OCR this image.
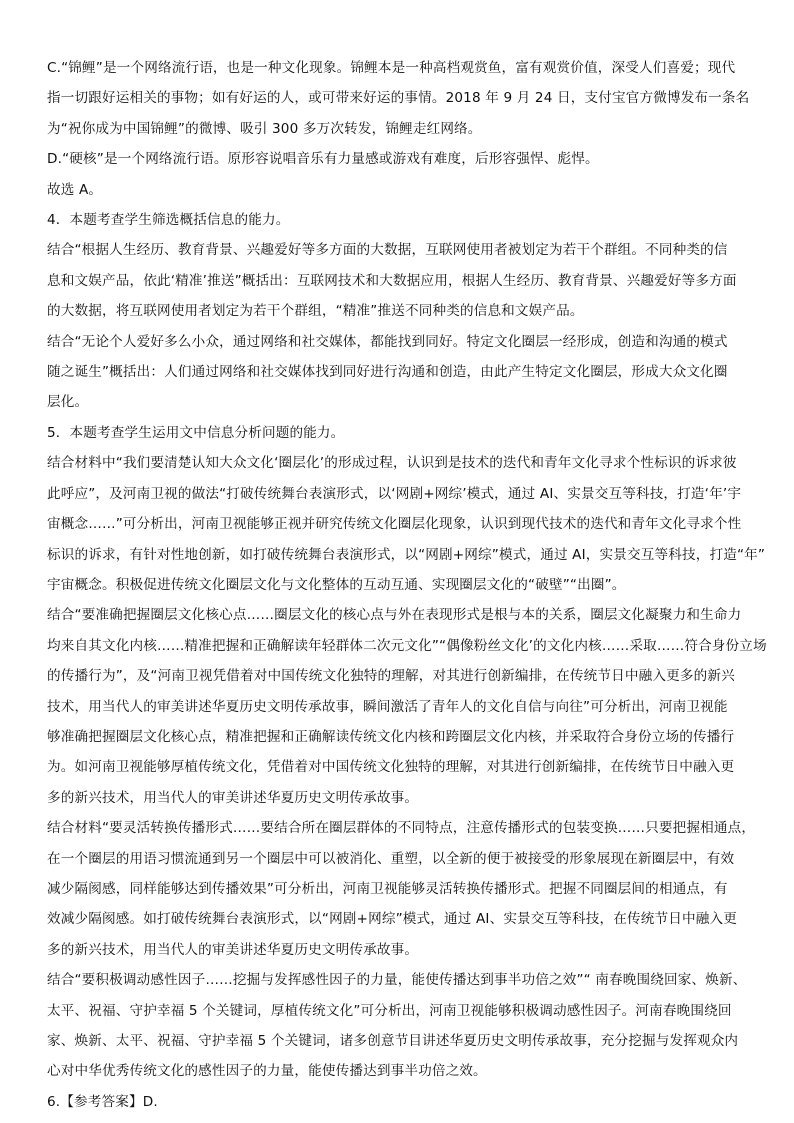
C.“锦鲤”是一个网络流行语，也是一种文化现象。锦鲤本是一种高档观赏鱼，富有观赏价值，深受人们喜爱；现代
指一切跟好运相关的事物；如有好运的人，或可带来好运的事情。2018 年 9 月 24 日，支付宝官方微博发布一条名
为“祝你成为中国锦鲤”的微博、吸引 300 多万次转发，锦鲤走红网络。

D.“硬核”是一个网络流行语。原形容说唱音乐有力量感或游戏有难度，后形容强悍、彪悍。

故选 A。

4．本题考查学生筛选概括信息的能力。

结合“根据人生经历、教育背景、兴趣爱好等多方面的大数据，互联网使用者被划定为若干个群组。不同种类的信
息和文娱产品，依此‘精准’推送”概括出：互联网技术和大数据应用，根据人生经历、教育背景、兴趣爱好等多方面
的大数据，将互联网使用者划定为若干个群组，“精准”推送不同种类的信息和文娱产品。

结合“无论个人爱好多么小众，通过网络和社交媒体，都能找到同好。特定文化圈层一经形成，创造和沟通的模式
随之诞生”概括出：人们通过网络和社交媒体找到同好进行沟通和创造，由此产生特定文化圈层，形成大众文化圈
层化。

5．本题考查学生运用文中信息分析问题的能力。

结合材料中“我们要清楚认知大众文化‘圈层化’的形成过程，认识到是技术的迭代和青年文化寻求个性标识的诉求彼
此呼应”，及河南卫视的做法“打破传统舞台表演形式，以‘网剧+网综’模式，通过 AI、实景交互等科技，打造‘年’宇
宙概念……”可分析出，河南卫视能够正视并研究传统文化圈层化现象，认识到现代技术的迭代和青年文化寻求个性
标识的诉求，有针对性地创新，如打破传统舞台表演形式，以“网剧+网综”模式，通过 AI，实景交互等科技，打造“年”
宇宙概念。积极促进传统文化圈层文化与文化整体的互动互通、实现圈层文化的“破壁”“出圈”。

结合“要准确把握圈层文化核心点……圈层文化的核心点与外在表现形式是根与本的关系，圈层文化凝聚力和生命力
均来自其文化内核……精准把握和正确解读年轻群体二次元文化”“偶像粉丝文化’的文化内核……采取……符合身份立场
的传播行为”，及“河南卫视凭借着对中国传统文化独特的理解，对其进行创新编排，在传统节日中融入更多的新兴
技术，用当代人的审美讲述华夏历史文明传承故事，瞬间激活了青年人的文化自信与向往”可分析出，河南卫视能
够准确把握圈层文化核心点，精准把握和正确解读传统文化内核和跨圈层文化内核，并采取符合身份立场的传播行
为。如河南卫视能够厚植传统文化，凭借着对中国传统文化独特的理解，对其进行创新编排，在传统节日中融入更
多的新兴技术，用当代人的审美讲述华夏历史文明传承故事。

结合材料“要灵活转换传播形式……要结合所在圈层群体的不同特点，注意传播形式的包装变换……只要把握相通点，
在一个圈层的用语习惯流通到另一个圈层中可以被消化、重塑，以全新的便于被接受的形象展现在新圈层中，有效
减少隔阂感，同样能够达到传播效果”可分析出，河南卫视能够灵活转换传播形式。把握不同圈层间的相通点，有
效减少隔阂感。如打破传统舞台表演形式，以“网剧+网综”模式，通过 AI、实景交互等科技，在传统节日中融入更
多的新兴技术，用当代人的审美讲述华夏历史文明传承故事。

结合“要积极调动感性因子……挖掘与发挥感性因子的力量，能使传播达到事半功倍之效”“ 南春晚围绕回家、焕新、
太平、祝福、守护幸福 5 个关键词，厚植传统文化”可分析出，河南卫视能够积极调动感性因子。河南春晚围绕回
家、焕新、太平、祝福、守护幸福 5 个关键词，诸多创意节目讲述华夏历史文明传承故事，充分挖掘与发挥观众内
心对中华优秀传统文化的感性因子的力量，能使传播达到事半功倍之效。

6.【参考答案】D.
